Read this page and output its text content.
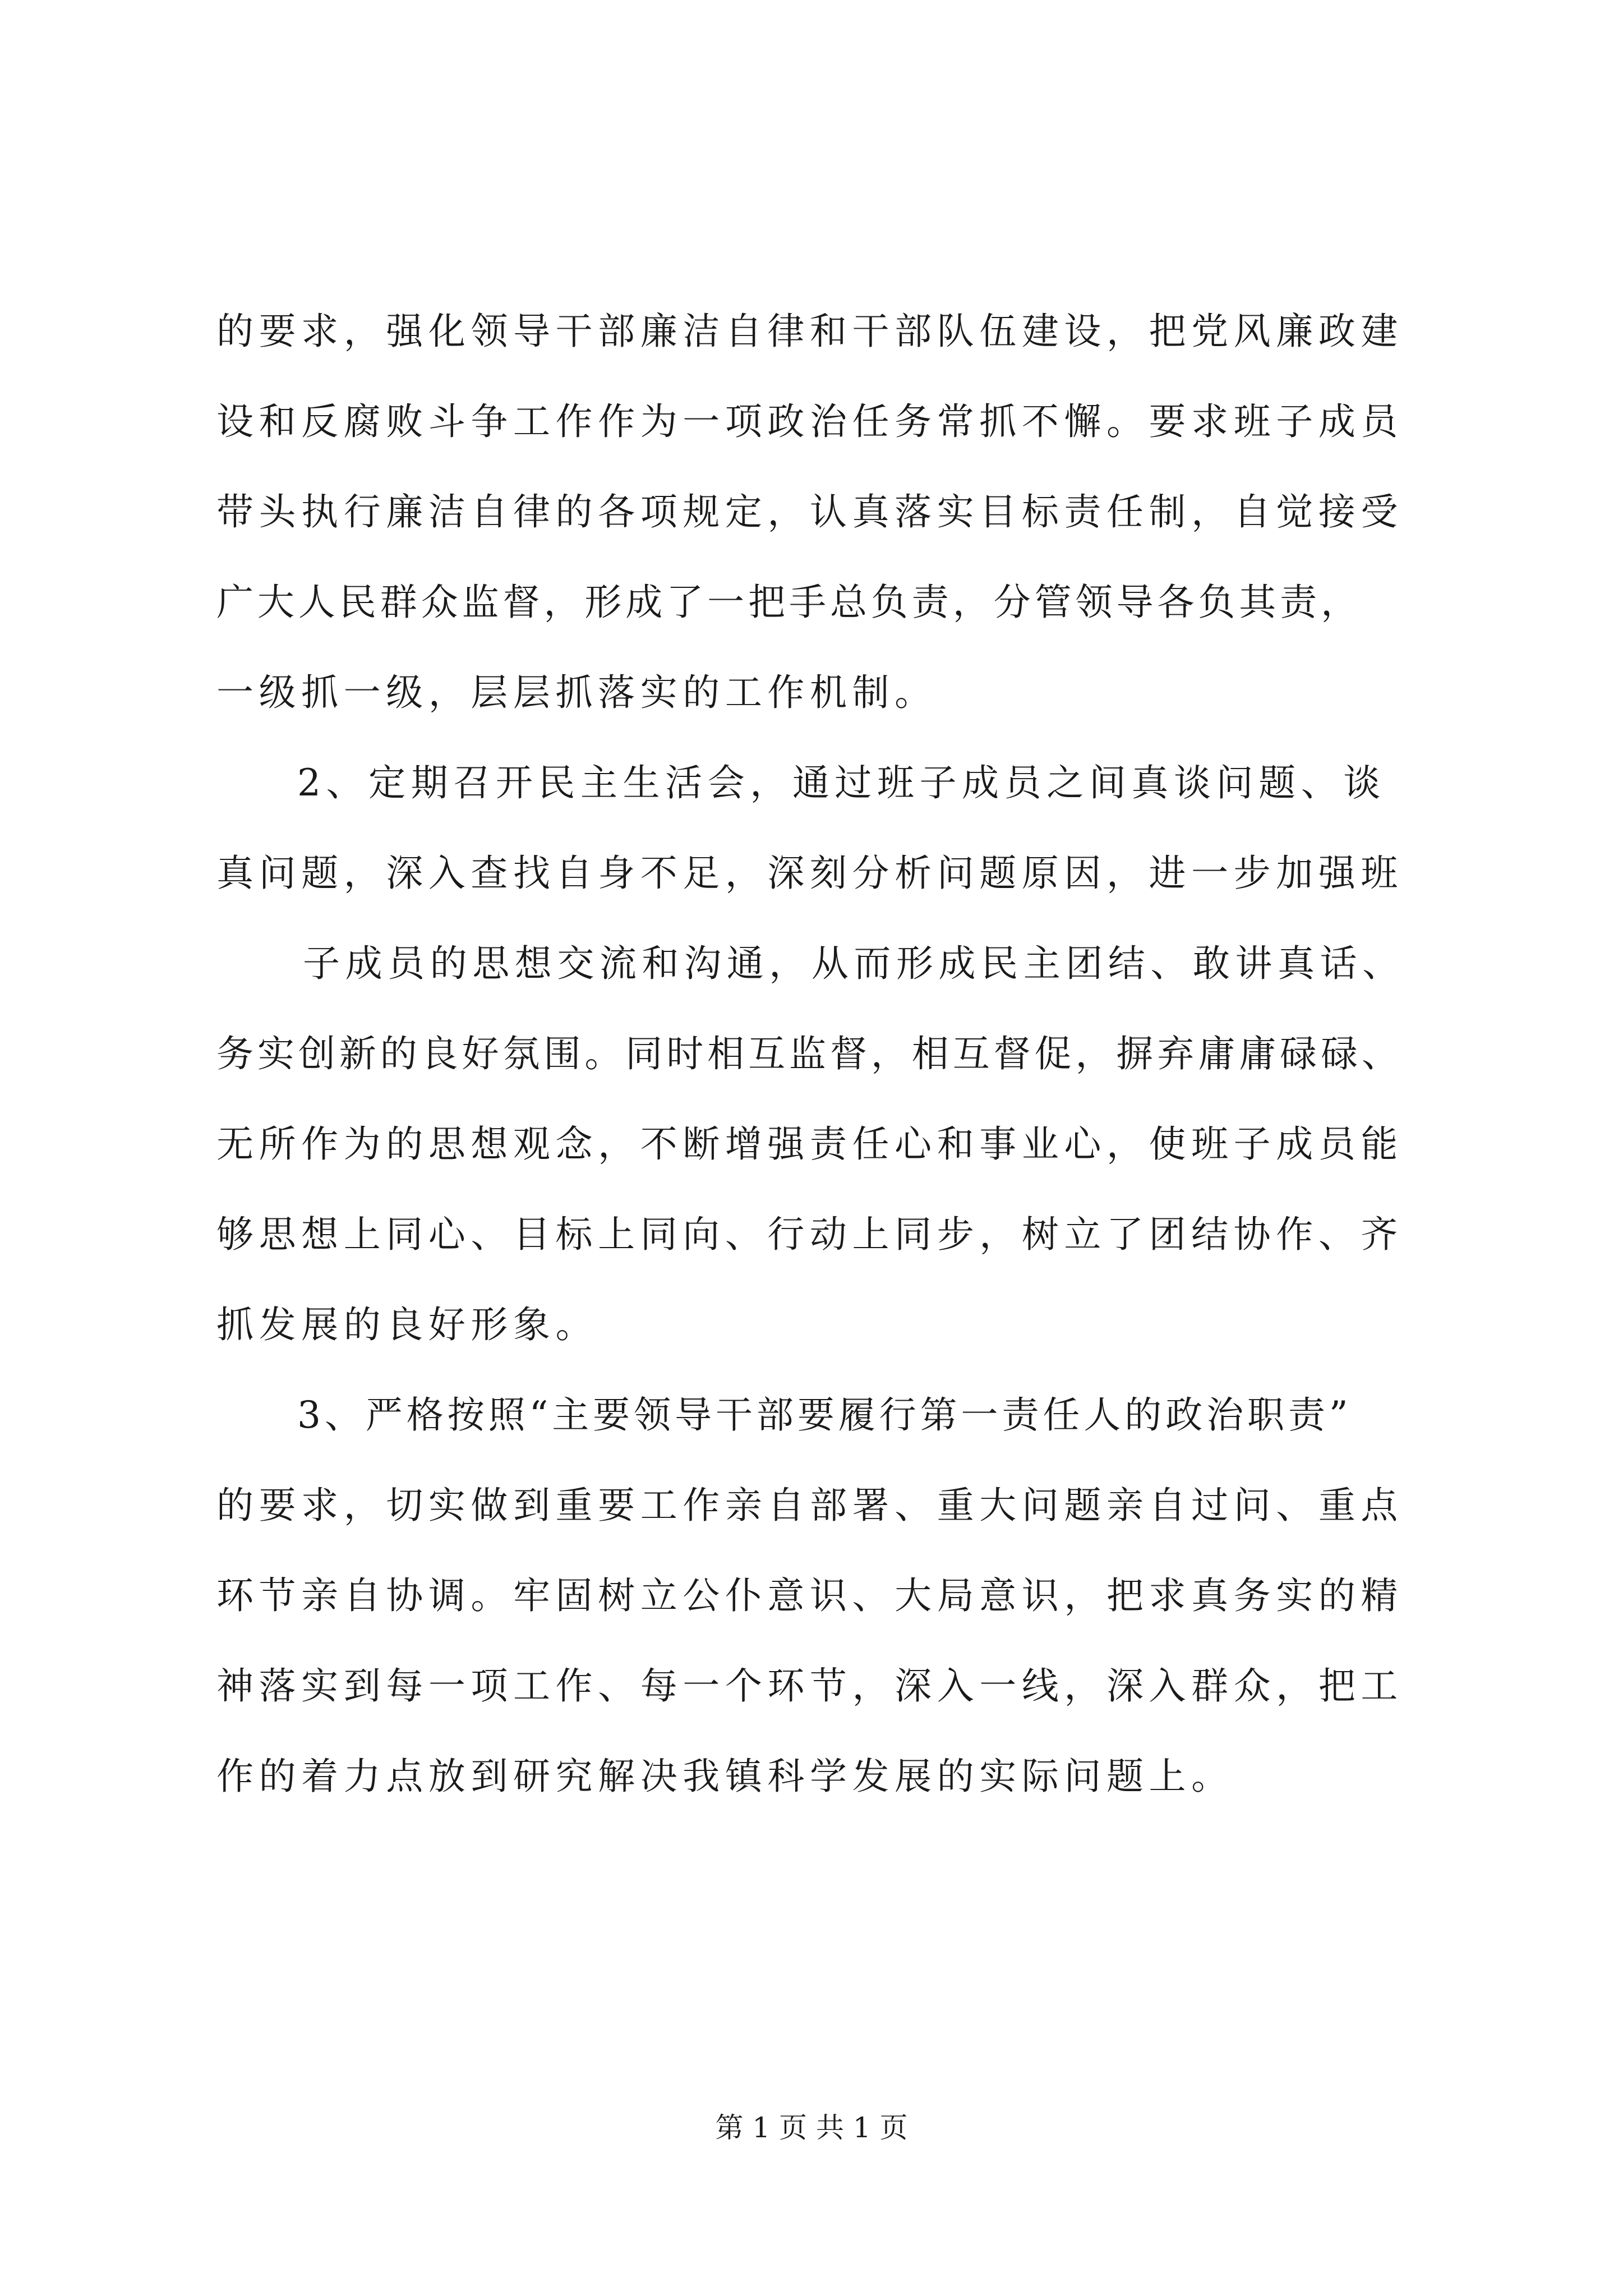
的要求，强化领导干部廉洁自律和干部队伍建设，把党风廉政建
设和反腐败斗争工作作为一项政治任务常抓不懈。要求班子成员
带头执行廉洁自律的各项规定，认真落实目标责任制，自觉接受
广大人民群众监督，形成了一把手总负责，分管领导各负其责，
一级抓一级，层层抓落实的工作机制。
2、定期召开民主生活会，通过班子成员之间真谈问题、谈
真问题，深入查找自身不足，深刻分析问题原因，进一步加强班
子成员的思想交流和沟通，从而形成民主团结、敢讲真话、
务实创新的良好氛围。同时相互监督，相互督促，摒弃庸庸碌碌、
无所作为的思想观念，不断增强责任心和事业心，使班子成员能
够思想上同心、目标上同向、行动上同步，树立了团结协作、齐
抓发展的良好形象。
3、严格按照“主要领导干部要履行第一责任人的政治职责”
的要求，切实做到重要工作亲自部署、重大问题亲自过问、重点
环节亲自协调。牢固树立公仆意识、大局意识，把求真务实的精
神落实到每一项工作、每一个环节，深入一线，深入群众，把工
作的着力点放到研究解决我镇科学发展的实际问题上。
第 1 页 共 1 页
